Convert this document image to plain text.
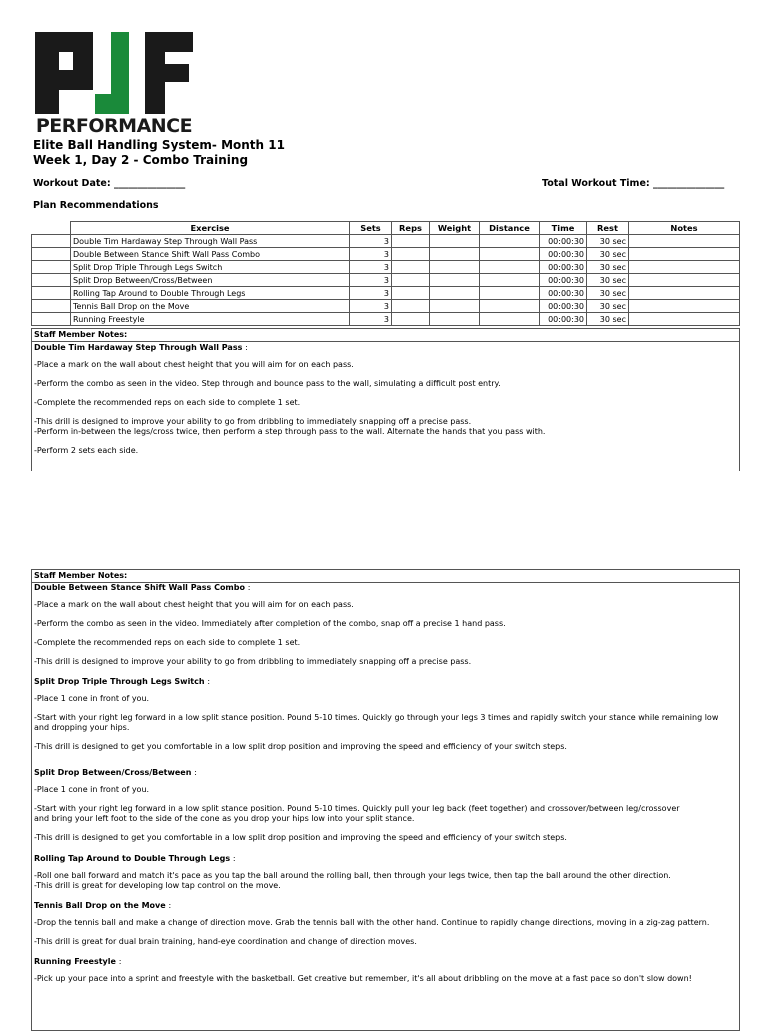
PERFORMANCE
Elite Ball Handling System- Month 11
Week 1, Day 2 - Combo Training
Workout Date: _______________	Total Workout Time: _______________
Plan Recommendations
	Exercise	Sets	Reps	Weight	Distance	Time	Rest	Notes
	Double Tim Hardaway Step Through Wall Pass	3				00:00:30	30 sec	
	Double Between Stance Shift Wall Pass Combo	3				00:00:30	30 sec	
	Split Drop Triple Through Legs Switch	3				00:00:30	30 sec	
	Split Drop Between/Cross/Between	3				00:00:30	30 sec	
	Rolling Tap Around to Double Through Legs	3				00:00:30	30 sec	
	Tennis Ball Drop on the Move	3				00:00:30	30 sec	
	Running Freestyle	3				00:00:30	30 sec	
Staff Member Notes:
Double Tim Hardaway Step Through Wall Pass :
-Place a mark on the wall about chest height that you will aim for on each pass.
-Perform the combo as seen in the video. Step through and bounce pass to the wall, simulating a difficult post entry.
-Complete the recommended reps on each side to complete 1 set.
-This drill is designed to improve your ability to go from dribbling to immediately snapping off a precise pass.
-Perform in-between the legs/cross twice, then perform a step through pass to the wall. Alternate the hands that you pass with.
-Perform 2 sets each side.
Staff Member Notes:
Double Between Stance Shift Wall Pass Combo :
-Place a mark on the wall about chest height that you will aim for on each pass.
-Perform the combo as seen in the video. Immediately after completion of the combo, snap off a precise 1 hand pass.
-Complete the recommended reps on each side to complete 1 set.
-This drill is designed to improve your ability to go from dribbling to immediately snapping off a precise pass.
Split Drop Triple Through Legs Switch :
-Place 1 cone in front of you.
-Start with your right leg forward in a low split stance position. Pound 5-10 times. Quickly go through your legs 3 times and rapidly switch your stance while remaining low and dropping your hips.
-This drill is designed to get you comfortable in a low split drop position and improving the speed and efficiency of your switch steps.
Split Drop Between/Cross/Between :
-Place 1 cone in front of you.
-Start with your right leg forward in a low split stance position. Pound 5-10 times. Quickly pull your leg back (feet together) and crossover/between leg/crossover and bring your left foot to the side of the cone as you drop your hips low into your split stance.
-This drill is designed to get you comfortable in a low split drop position and improving the speed and efficiency of your switch steps.
Rolling Tap Around to Double Through Legs :
-Roll one ball forward and match it's pace as you tap the ball around the rolling ball, then through your legs twice, then tap the ball around the other direction.
-This drill is great for developing low tap control on the move.
Tennis Ball Drop on the Move :
-Drop the tennis ball and make a change of direction move. Grab the tennis ball with the other hand. Continue to rapidly change directions, moving in a zig-zag pattern.
-This drill is great for dual brain training, hand-eye coordination and change of direction moves.
Running Freestyle :
-Pick up your pace into a sprint and freestyle with the basketball. Get creative but remember, it's all about dribbling on the move at a fast pace so don't slow down!
